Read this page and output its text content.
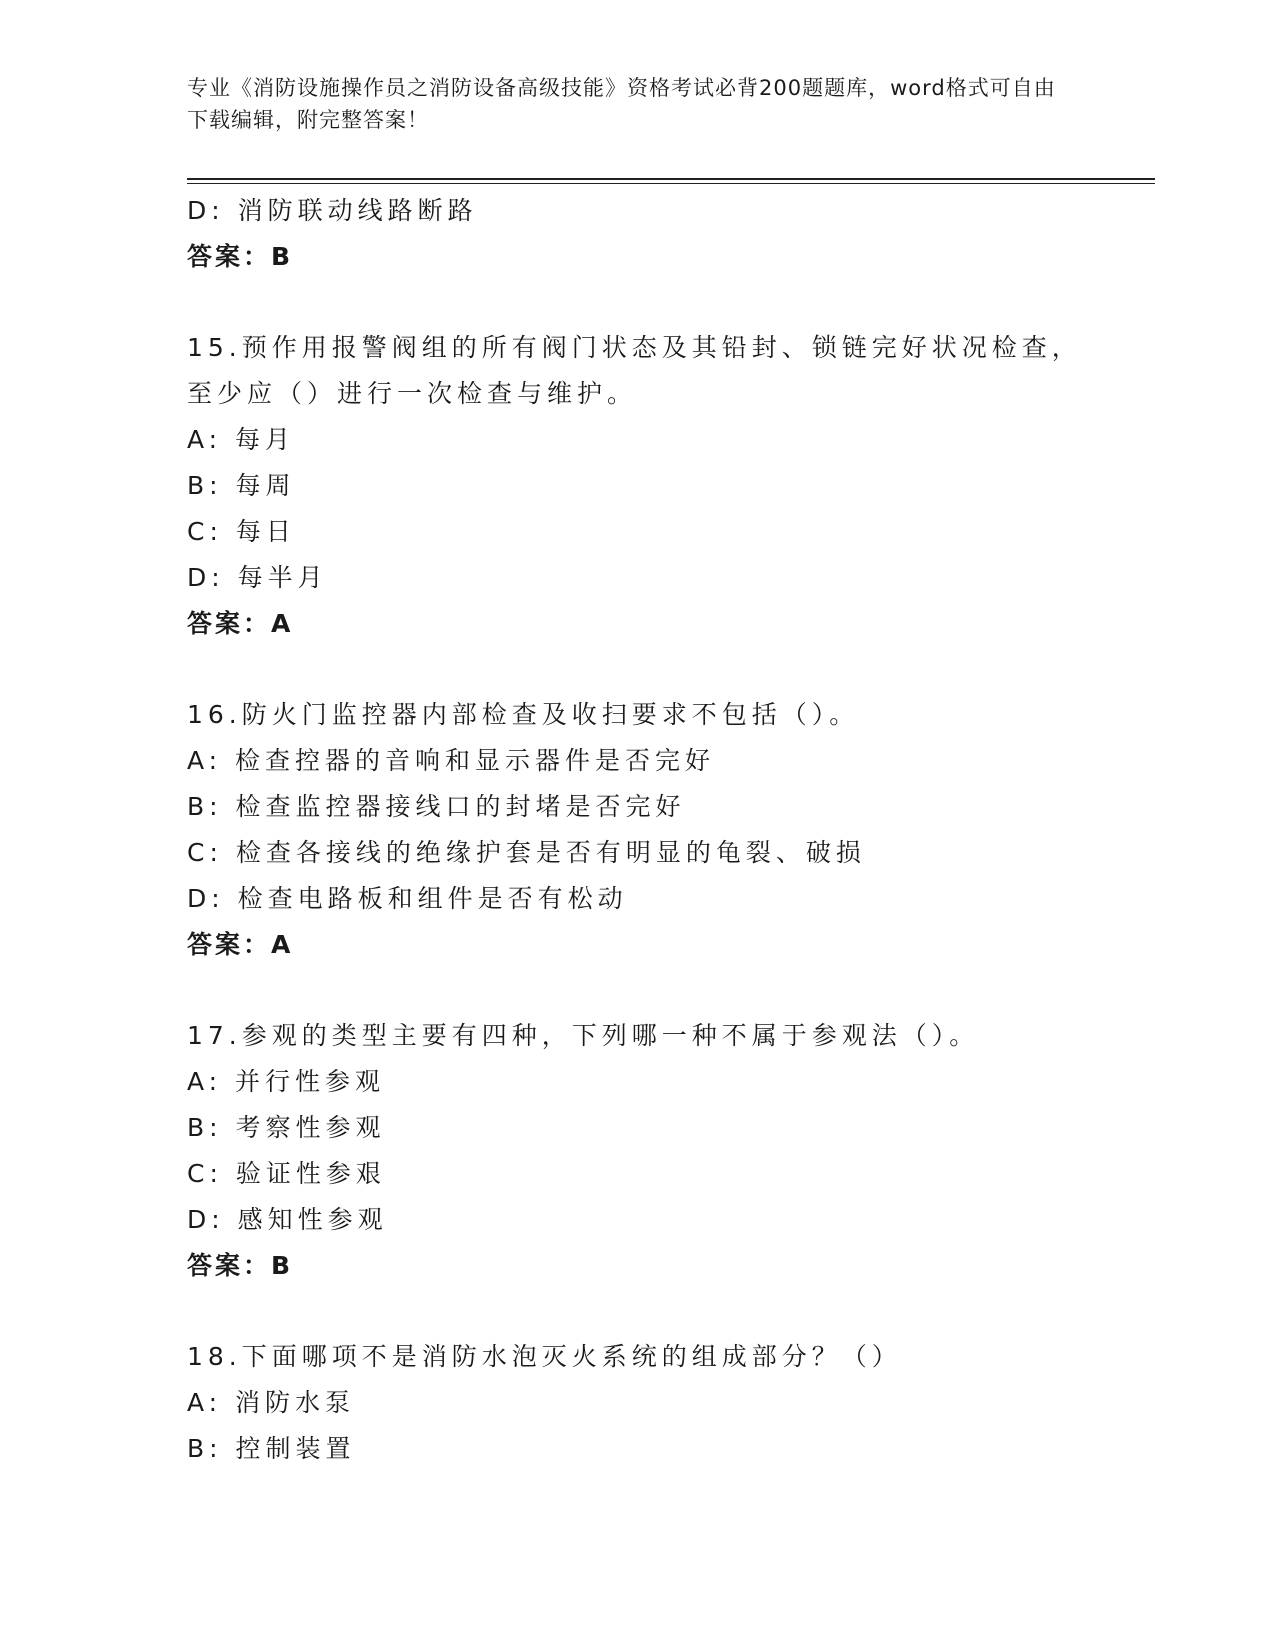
专业《消防设施操作员之消防设备高级技能》资格考试必背200题题库，word格式可自由下载编辑，附完整答案！
D: 消防联动线路断路
答案：B
15.预作用报警阀组的所有阀门状态及其铅封、锁链完好状况检查，至少应（）进行一次检查与维护。
A: 每月
B: 每周
C: 每日
D: 每半月
答案：A
16.防火门监控器内部检查及收扫要求不包括（）。
A: 检查控器的音响和显示器件是否完好
B: 检查监控器接线口的封堵是否完好
C: 检查各接线的绝缘护套是否有明显的龟裂、破损
D: 检查电路板和组件是否有松动
答案：A
17.参观的类型主要有四种，下列哪一种不属于参观法（）。
A: 并行性参观
B: 考察性参观
C: 验证性参艰
D: 感知性参观
答案：B
18.下面哪项不是消防水泡灭火系统的组成部分？（）
A: 消防水泵
B: 控制装置
